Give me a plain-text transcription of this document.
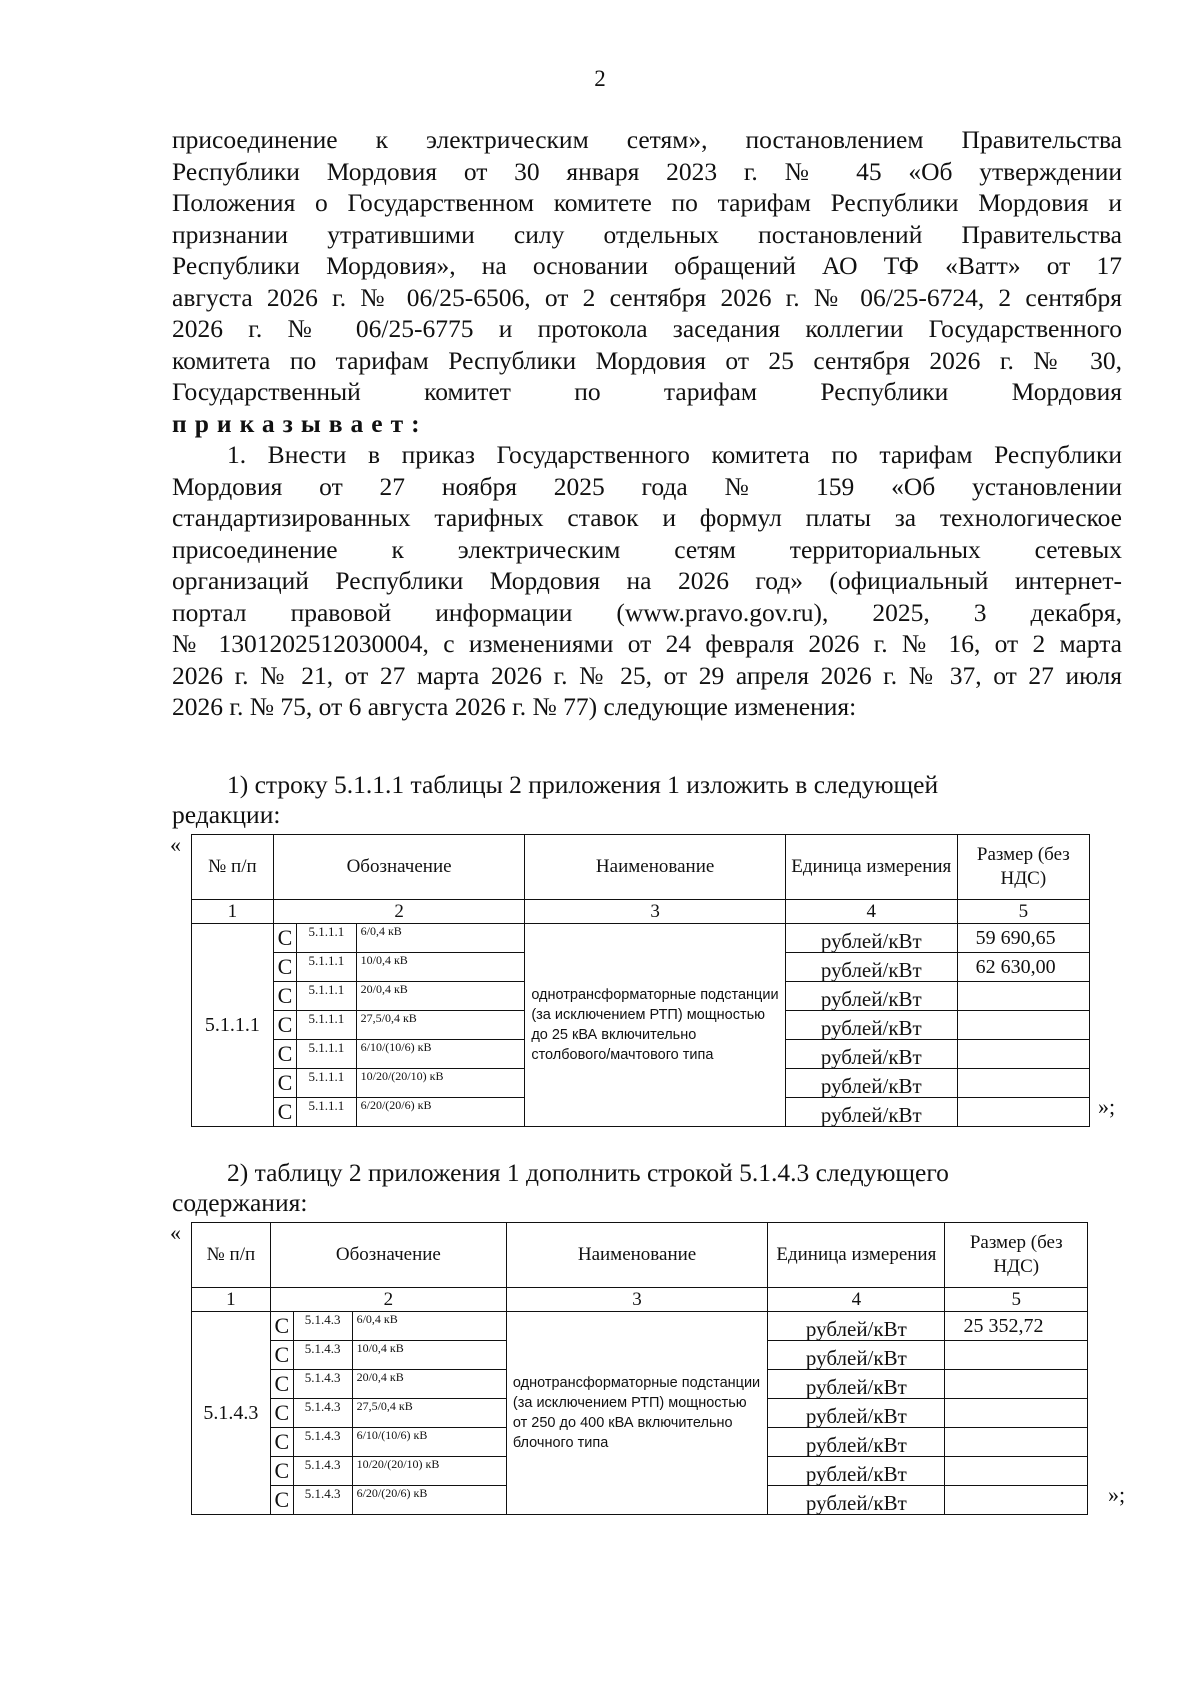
2

присоединение к электрическим сетям», постановлением Правительства

Республики Мордовия от 30 января 2023 г. № 45 «Об утверждении

Положения о Государственном комитете по тарифам Республики Мордовия и

признании утратившими силу отдельных постановлений Правительства

Республики Мордовия», на основании обращений АО ТФ «Ватт» от 17

августа 2026 г. № 06/25-6506, от 2 сентября 2026 г. № 06/25-6724, 2 сентября

2026 г. № 06/25-6775 и протокола заседания коллегии Государственного

комитета по тарифам Республики Мордовия от 25 сентября 2026 г. № 30,

Государственный комитет по тарифам Республики Мордовия

приказывает:

1. Внести в приказ Государственного комитета по тарифам Республики

Мордовия от 27 ноября 2025 года № 159 «Об установлении

стандартизированных тарифных ставок и формул платы за технологическое

присоединение к электрическим сетям территориальных сетевых

организаций Республики Мордовия на 2026 год» (официальный интернет-

портал правовой информации (www.pravo.gov.ru), 2025, 3 декабря,

№ 1301202512030004, с изменениями от 24 февраля 2026 г. № 16, от 2 марта

2026 г. № 21, от 27 марта 2026 г. № 25, от 29 апреля 2026 г. № 37, от 27 июля

2026 г. № 75, от 6 августа 2026 г. № 77) следующие изменения:

1) строку 5.1.1.1 таблицы 2 приложения 1 изложить в следующей

редакции:

«
№ п/п	Обозначение			Наименование	Единица измерения	Размер (без НДС)
1	2			3	4	5
5.1.1.1	С	5.1.1.1	6/0,4 кВ	однотрансформаторные подстанции (за исключением РТП) мощностью до 25 кВА включительно столбового/мачтового типа	рублей/кВт	59 690,65
	С	5.1.1.1	10/0,4 кВ		рублей/кВт	62 630,00
	С	5.1.1.1	20/0,4 кВ		рублей/кВт	
	С	5.1.1.1	27,5/0,4 кВ		рублей/кВт	
	С	5.1.1.1	6/10/(10/6) кВ		рублей/кВт	
	С	5.1.1.1	10/20/(20/10) кВ		рублей/кВт	
	С	5.1.1.1	6/20/(20/6) кВ		рублей/кВт		»;

2) таблицу 2 приложения 1 дополнить строкой 5.1.4.3 следующего

содержания:

«
№ п/п	Обозначение			Наименование	Единица измерения	Размер (без НДС)
1	2			3	4	5
5.1.4.3	С	5.1.4.3	6/0,4 кВ	однотрансформаторные подстанции (за исключением РТП) мощностью от 250 до 400 кВА включительно блочного типа	рублей/кВт	25 352,72
	С	5.1.4.3	10/0,4 кВ		рублей/кВт	
	С	5.1.4.3	20/0,4 кВ		рублей/кВт	
	С	5.1.4.3	27,5/0,4 кВ		рублей/кВт	
	С	5.1.4.3	6/10/(10/6) кВ		рублей/кВт	
	С	5.1.4.3	10/20/(20/10) кВ		рублей/кВт	
	С	5.1.4.3	6/20/(20/6) кВ		рублей/кВт		»;
